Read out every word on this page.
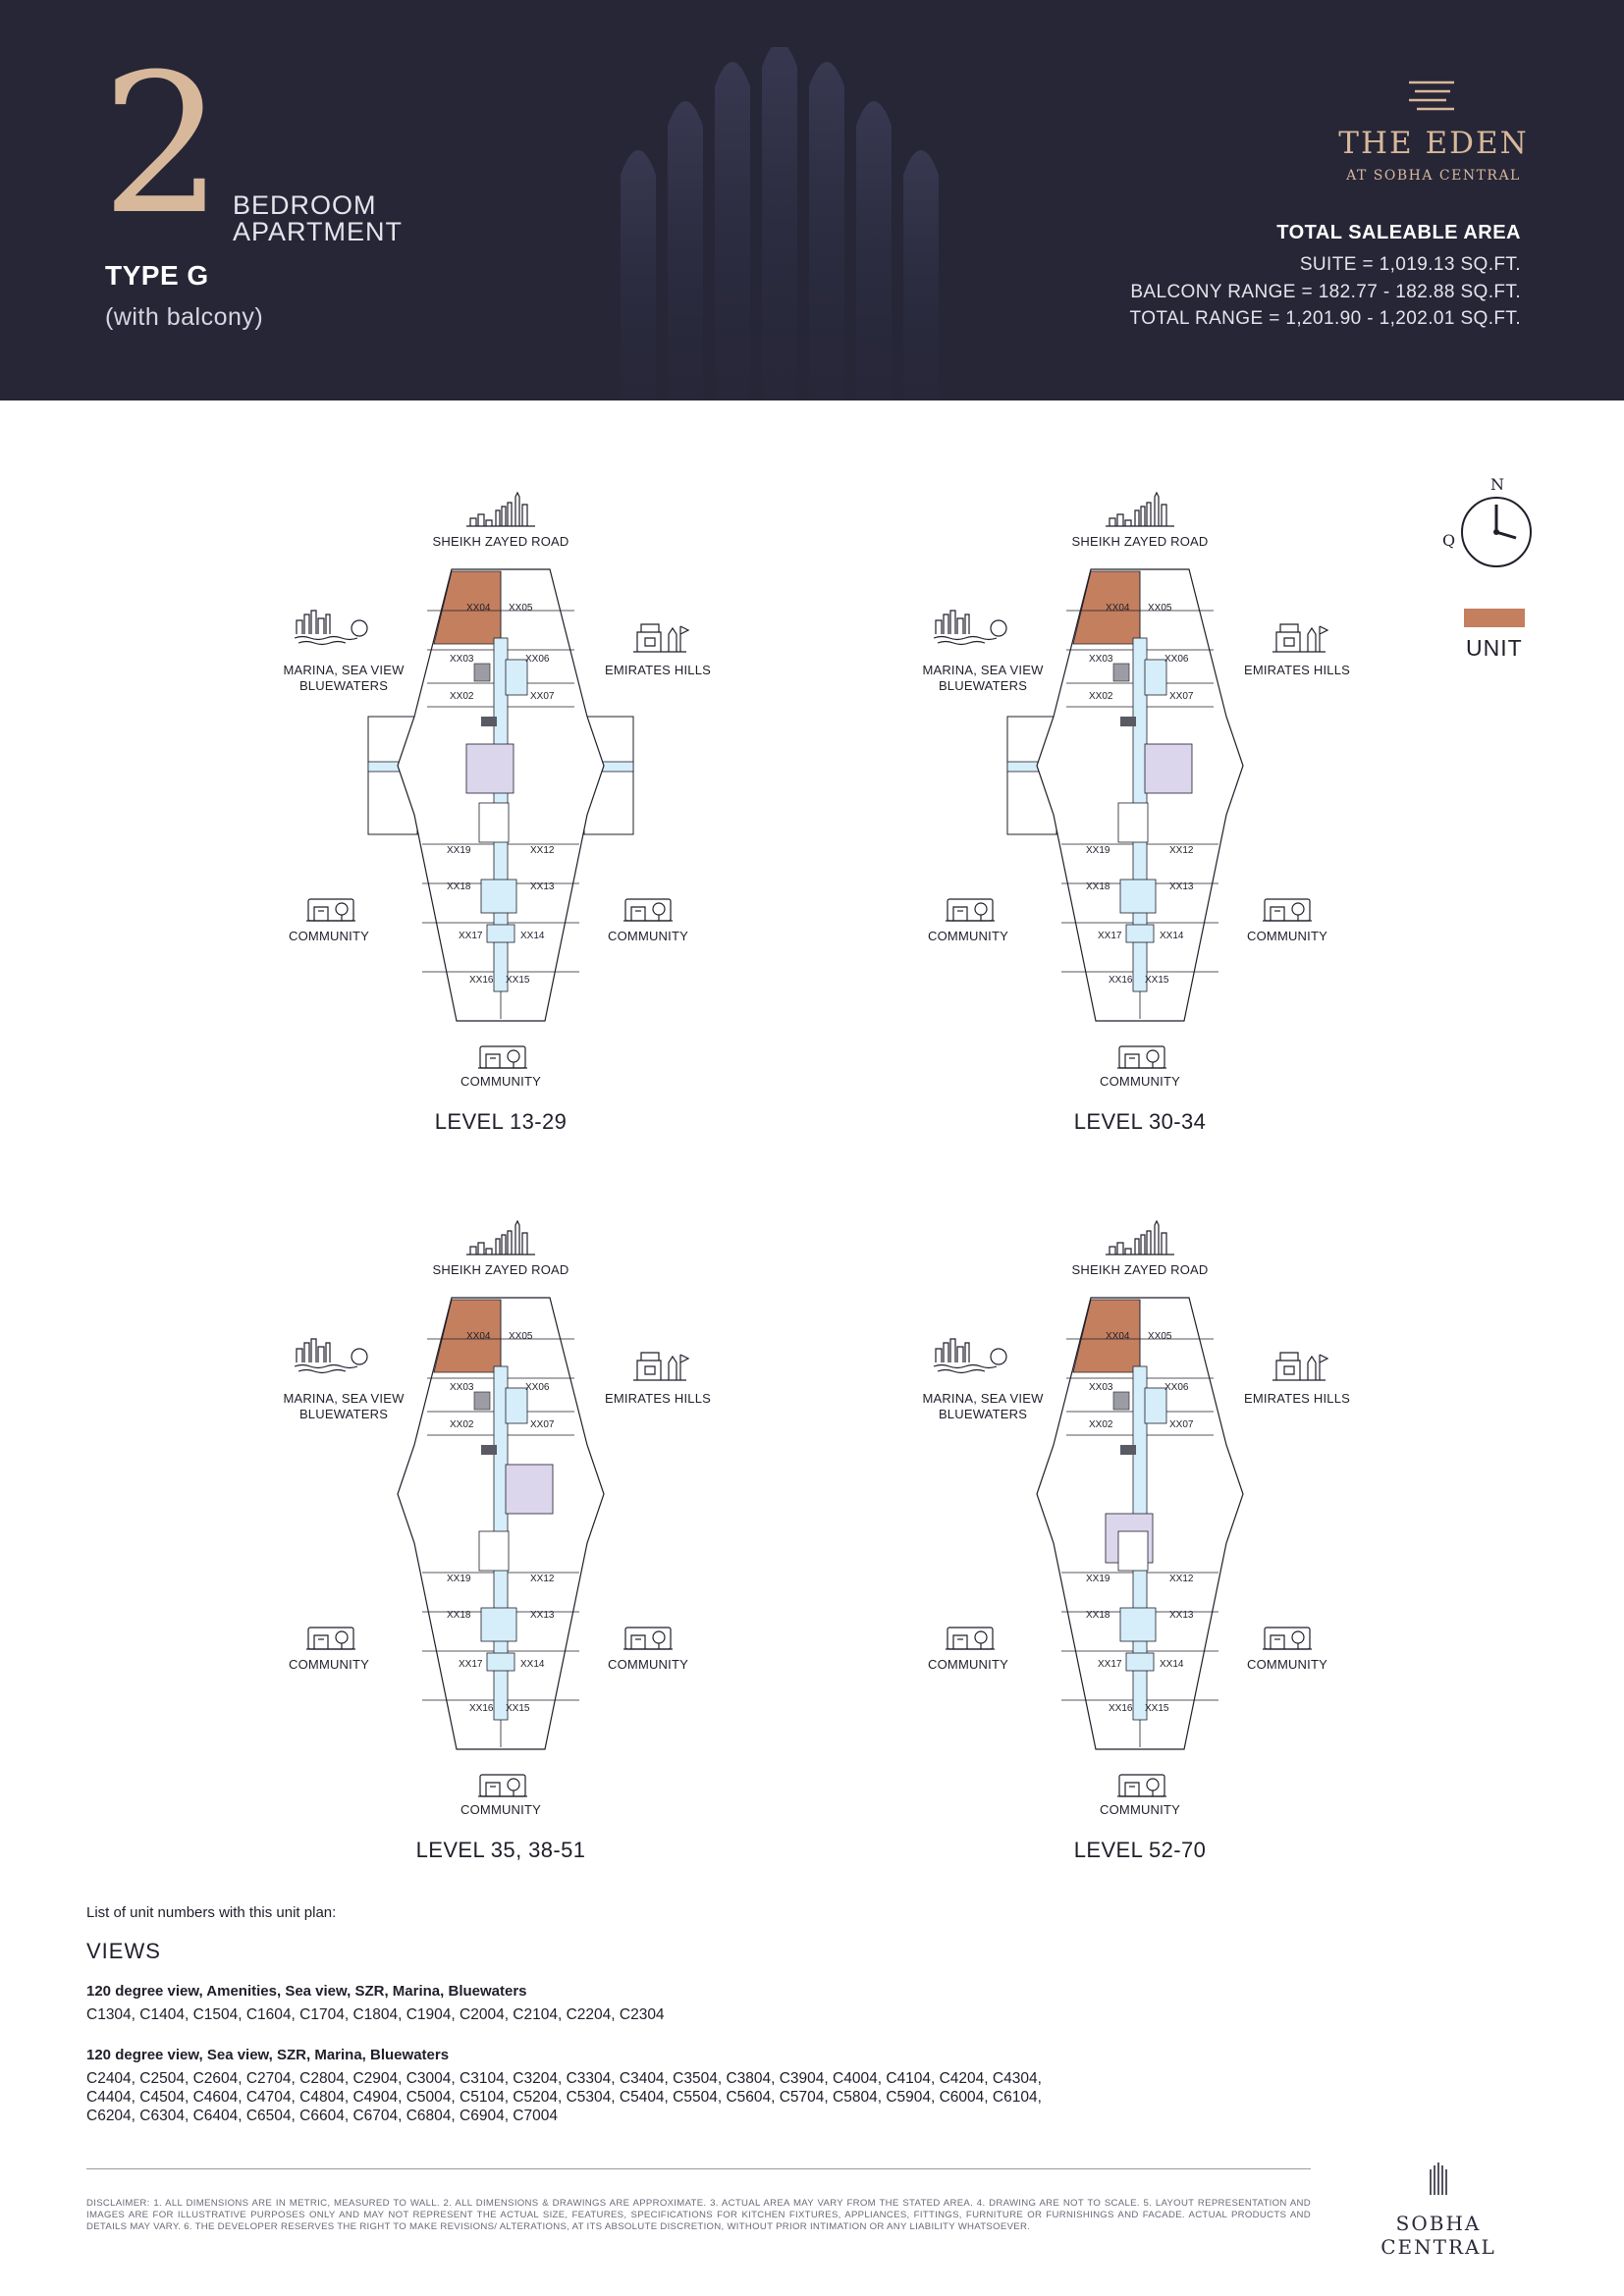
2 BEDROOM
APARTMENT
TYPE G
(with balcony)
THE EDEN
AT SOBHA CENTRAL
TOTAL SALEABLE AREA
SUITE = 1,019.13 SQ.FT.
BALCONY RANGE = 182.77 - 182.88 SQ.FT.
TOTAL RANGE = 1,201.90 - 1,202.01 SQ.FT.
N
Q
UNIT
XX04 XX05
XX03	XX06
XX02	XX07
XX19	XX12
XX18	XX13
XX17	XX14
XX16 XX15
SHEIKH ZAYED ROAD
MARINA, SEA VIEW
BLUEWATERS
EMIRATES HILLS
COMMUNITY	COMMUNITY
COMMUNITY
LEVEL 13-29
XX04 XX05
XX03	XX06
XX02	XX07
XX19	XX12
XX18	XX13
XX17	XX14
XX16 XX15
SHEIKH ZAYED ROAD
MARINA, SEA VIEW
BLUEWATERS
EMIRATES HILLS
COMMUNITY	COMMUNITY
COMMUNITY
LEVEL 30-34
XX04 XX05
XX03	XX06
XX02	XX07
XX19	XX12
XX18	XX13
XX17	XX14
XX16 XX15
SHEIKH ZAYED ROAD
MARINA, SEA VIEW
BLUEWATERS
EMIRATES HILLS
COMMUNITY	COMMUNITY
COMMUNITY
LEVEL 35, 38-51
XX04 XX05
XX03	XX06
XX02	XX07
XX19	XX12
XX18	XX13
XX17	XX14
XX16 XX15
SHEIKH ZAYED ROAD
MARINA, SEA VIEW
BLUEWATERS
EMIRATES HILLS
COMMUNITY	COMMUNITY
COMMUNITY
LEVEL 52-70
List of unit numbers with this unit plan:
VIEWS
120 degree view, Amenities, Sea view, SZR, Marina, Bluewaters
C1304, C1404, C1504, C1604, C1704, C1804, C1904, C2004, C2104, C2204, C2304
120 degree view, Sea view, SZR, Marina, Bluewaters
C2404, C2504, C2604, C2704, C2804, C2904, C3004, C3104, C3204, C3304, C3404, C3504, C3804, C3904, C4004, C4104, C4204, C4304, C4404, C4504, C4604, C4704, C4804, C4904, C5004, C5104, C5204, C5304, C5404, C5504, C5604, C5704, C5804, C5904, C6004, C6104, C6204, C6304, C6404, C6504, C6604, C6704, C6804, C6904, C7004
DISCLAIMER: 1. ALL DIMENSIONS ARE IN METRIC, MEASURED TO WALL. 2. ALL DIMENSIONS & DRAWINGS ARE APPROXIMATE. 3. ACTUAL AREA MAY VARY FROM THE STATED AREA. 4. DRAWING ARE NOT TO SCALE. 5. LAYOUT REPRESENTATION AND IMAGES ARE FOR ILLUSTRATIVE PURPOSES ONLY AND MAY NOT REPRESENT THE ACTUAL SIZE, FEATURES, SPECIFICATIONS FOR KITCHEN FIXTURES, APPLIANCES, FITTINGS, FURNITURE OR FURNISHINGS AND FACADE. ACTUAL PRODUCTS AND DETAILS MAY VARY. 6. THE DEVELOPER RESERVES THE RIGHT TO MAKE REVISIONS/ ALTERATIONS, AT ITS ABSOLUTE DISCRETION, WITHOUT PRIOR INTIMATION OR ANY LIABILITY WHATSOEVER.	SOBHA CENTRAL
